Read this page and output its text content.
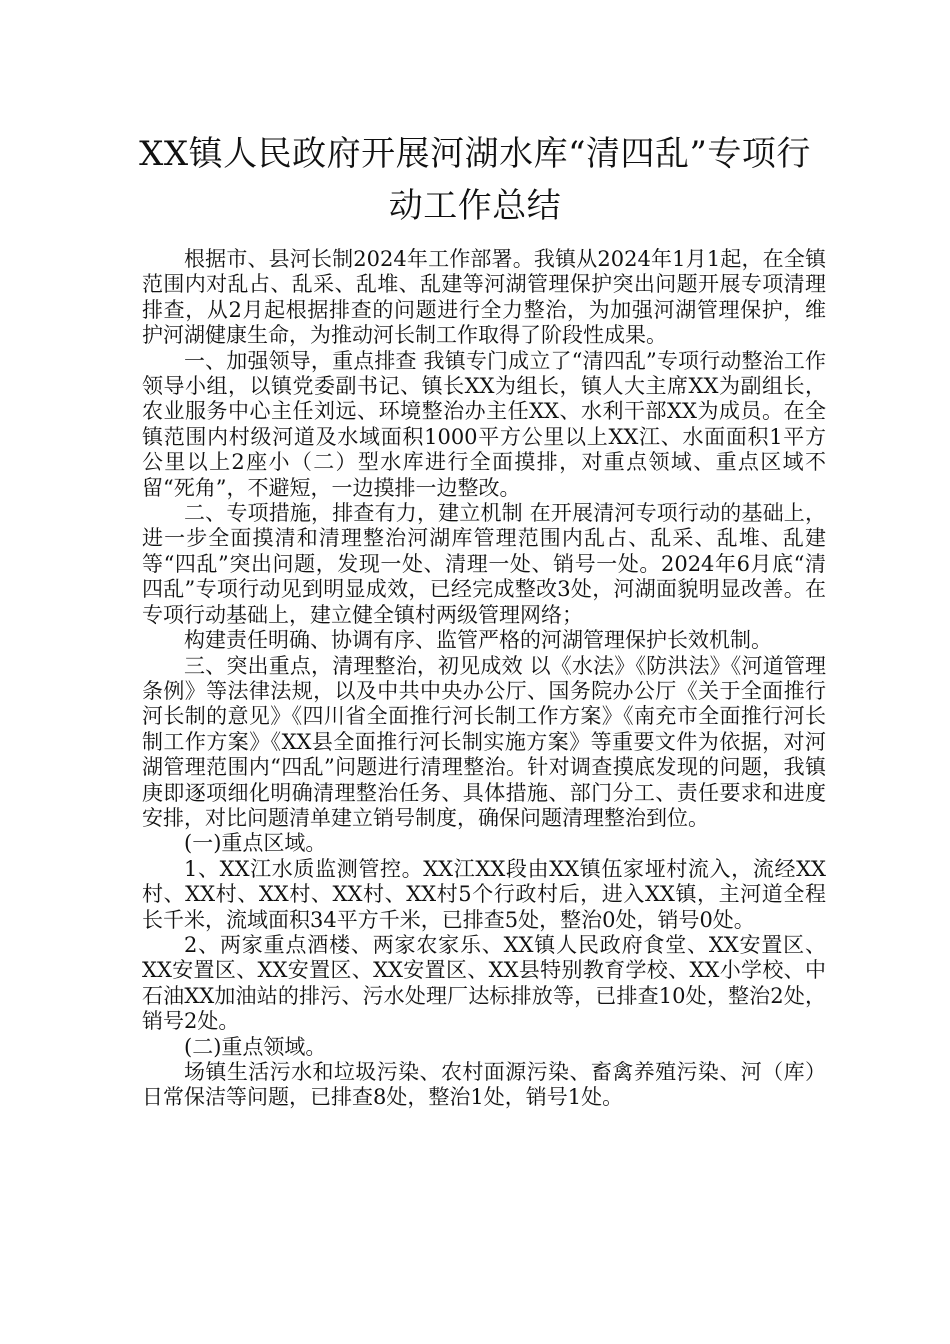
XX镇人民政府开展河湖水库“清四乱”专项行动工作总结

根据市、县河长制2024年工作部署。我镇从2024年1月1起，在全镇范围内对乱占、乱采、乱堆、乱建等河湖管理保护突出问题开展专项清理排查，从2月起根据排查的问题进行全力整治，为加强河湖管理保护，维护河湖健康生命，为推动河长制工作取得了阶段性成果。

一、加强领导，重点排查 我镇专门成立了“清四乱”专项行动整治工作领导小组，以镇党委副书记、镇长XX为组长，镇人大主席XX为副组长，农业服务中心主任刘远、环境整治办主任XX、水利干部XX为成员。在全镇范围内村级河道及水域面积1000平方公里以上XX江、水面面积1平方公里以上2座小（二）型水库进行全面摸排，对重点领域、重点区域不留“死角”，不避短，一边摸排一边整改。

二、专项措施，排查有力，建立机制 在开展清河专项行动的基础上，进一步全面摸清和清理整治河湖库管理范围内乱占、乱采、乱堆、乱建等“四乱”突出问题，发现一处、清理一处、销号一处。2024年6月底“清四乱”专项行动见到明显成效，已经完成整改3处，河湖面貌明显改善。在专项行动基础上，建立健全镇村两级管理网络；

构建责任明确、协调有序、监管严格的河湖管理保护长效机制。

三、突出重点，清理整治，初见成效 以《水法》《防洪法》《河道管理条例》等法律法规，以及中共中央办公厅、国务院办公厅《关于全面推行河长制的意见》《四川省全面推行河长制工作方案》《南充市全面推行河长制工作方案》《XX县全面推行河长制实施方案》等重要文件为依据，对河湖管理范围内“四乱”问题进行清理整治。针对调查摸底发现的问题，我镇庚即逐项细化明确清理整治任务、具体措施、部门分工、责任要求和进度安排，对比问题清单建立销号制度，确保问题清理整治到位。

(一)重点区域。

1、XX江水质监测管控。XX江XX段由XX镇伍家垭村流入，流经XX村、XX村、XX村、XX村、XX村5个行政村后，进入XX镇，主河道全程长千米，流域面积34平方千米，已排查5处，整治0处，销号0处。

2、两家重点酒楼、两家农家乐、XX镇人民政府食堂、XX安置区、XX安置区、XX安置区、XX安置区、XX县特别教育学校、XX小学校、中石油XX加油站的排污、污水处理厂达标排放等，已排查10处，整治2处，销号2处。

(二)重点领域。

场镇生活污水和垃圾污染、农村面源污染、畜禽养殖污染、河（库）日常保洁等问题，已排查8处，整治1处，销号1处。
